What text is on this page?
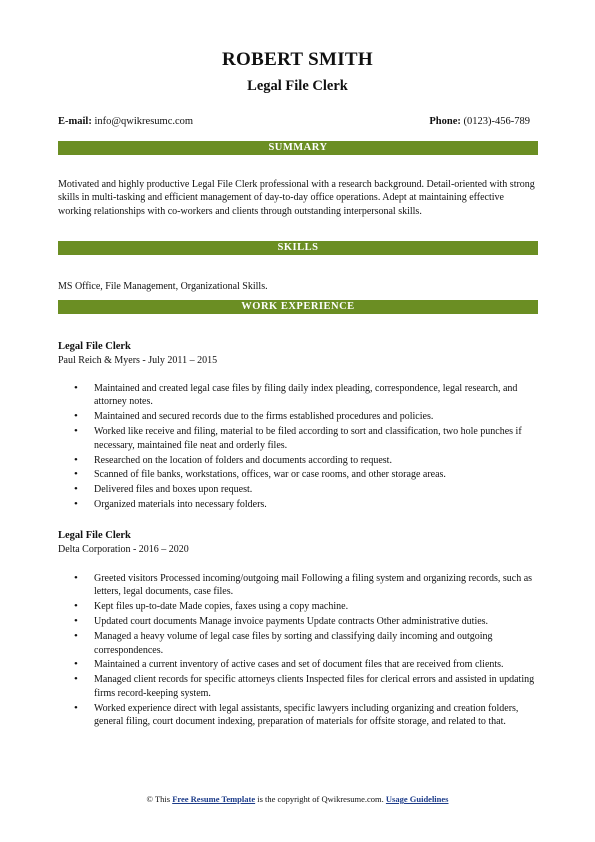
ROBERT SMITH
Legal File Clerk
E-mail: info@qwikresumc.com	Phone: (0123)-456-789
SUMMARY
Motivated and highly productive Legal File Clerk professional with a research background. Detail-oriented with strong skills in multi-tasking and efficient management of day-to-day office operations. Adept at maintaining effective working relationships with co-workers and clients through outstanding interpersonal skills.
SKILLS
MS Office, File Management, Organizational Skills.
WORK EXPERIENCE
Legal File Clerk
Paul Reich & Myers - July 2011 – 2015
• Maintained and created legal case files by filing daily index pleading, correspondence, legal research, and attorney notes.
• Maintained and secured records due to the firms established procedures and policies.
• Worked like receive and filing, material to be filed according to sort and classification, two hole punches if necessary, maintained file neat and orderly files.
• Researched on the location of folders and documents according to request.
• Scanned of file banks, workstations, offices, war or case rooms, and other storage areas.
• Delivered files and boxes upon request.
• Organized materials into necessary folders.
Legal File Clerk
Delta Corporation - 2016 – 2020
• Greeted visitors Processed incoming/outgoing mail Following a filing system and organizing records, such as letters, legal documents, case files.
• Kept files up-to-date Made copies, faxes using a copy machine.
• Updated court documents Manage invoice payments Update contracts Other administrative duties.
• Managed a heavy volume of legal case files by sorting and classifying daily incoming and outgoing correspondences.
• Maintained a current inventory of active cases and set of document files that are received from clients.
• Managed client records for specific attorneys clients Inspected files for clerical errors and assisted in updating firms record-keeping system.
• Worked experience direct with legal assistants, specific lawyers including organizing and creation folders, general filing, court document indexing, preparation of materials for offsite storage, and related to that.
© This Free Resume Template is the copyright of Qwikresume.com. Usage Guidelines
